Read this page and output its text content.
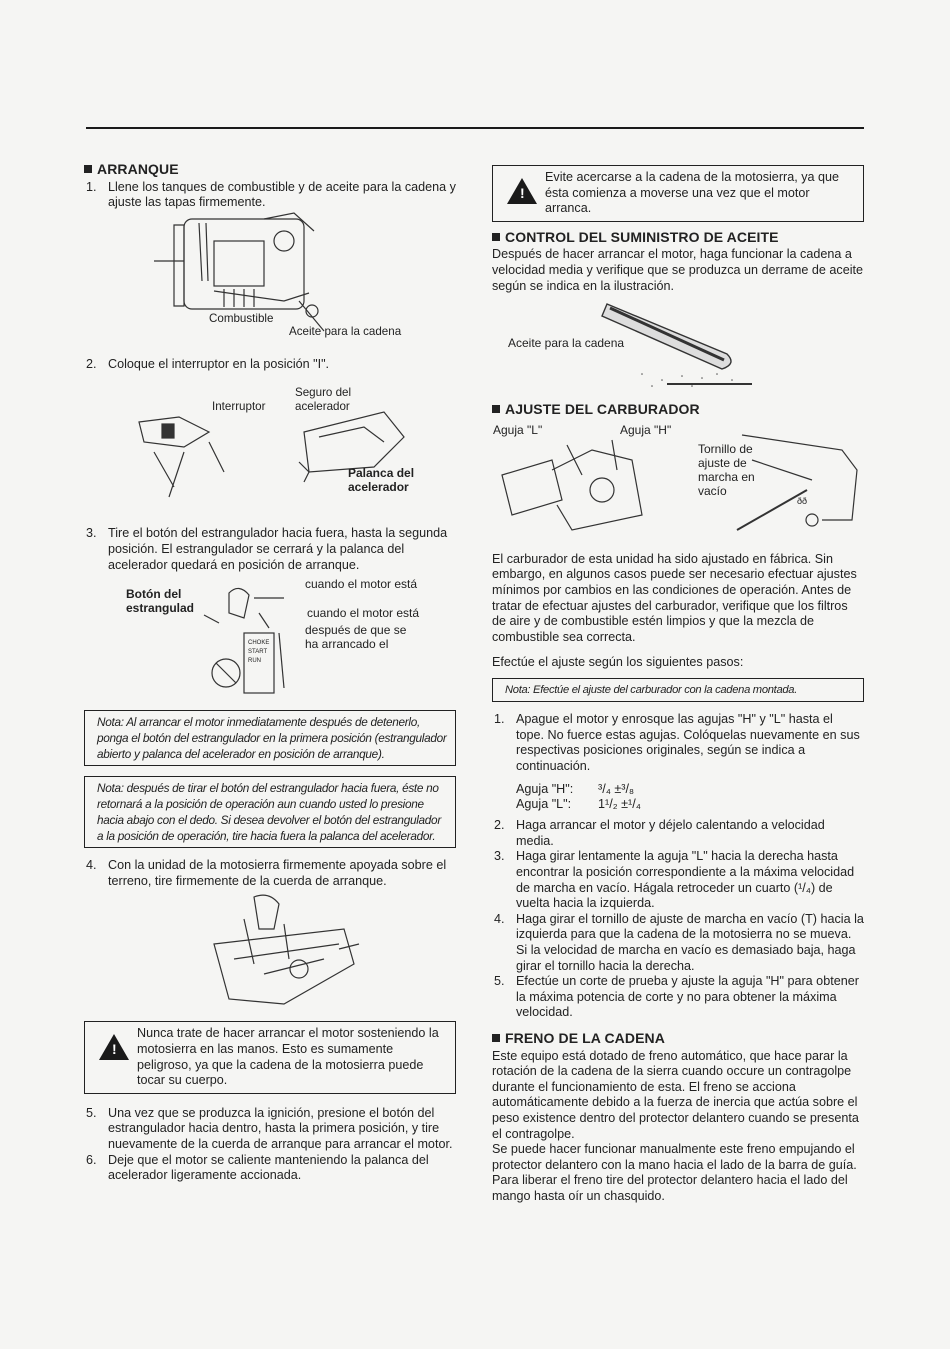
ARRANQUE
1. Llene los tanques de combustible y de aceite para la cadena y ajuste las tapas firmemente.
Combustible
Aceite para la cadena
2. Coloque el interruptor en la posición "I".
Interruptor
Seguro del
acelerador
Palanca del
acelerador
3. Tire el botón del estrangulador hacia fuera, hasta la segunda posición. El estrangulador se cerrará y la palanca del acelerador quedará en posición de arranque.
Botón del
estrangulad
cuando el motor está
cuando el motor está
después de que se
ha arrancado el
CHOKE
START
RUN
Nota: Al arrancar el motor inmediatamente después de detenerlo, ponga el botón del estrangulador en la primera posición (estrangulador abierto y palanca del acelerador en posición de arranque).
Nota: después de tirar el botón del estrangulador hacia fuera, éste no retornará a la posición de operación aun cuando usted lo presione hacia abajo con el dedo. Si desea devolver el botón del estrangulador a la posición de operación, tire hacia fuera la palanca del acelerador.
4. Con la unidad de la motosierra firmemente apoyada sobre el terreno, tire firmemente de la cuerda de arranque.
!
Nunca trate de hacer arrancar el motor sosteniendo la motosierra en las manos. Esto es sumamente peligroso, ya que la cadena de la motosierra puede tocar su cuerpo.
5. Una vez que se produzca la ignición, presione el botón del estrangulador hacia dentro, hasta la primera posición, y tire nuevamente de la cuerda de arranque para arrancar el motor.
6. Deje que el motor se caliente manteniendo la palanca del acelerador ligeramente accionada.
!
Evite acercarse a la cadena de la motosierra, ya que ésta comienza a moverse una vez que el motor arranca.
CONTROL DEL SUMINISTRO DE ACEITE

Después de hacer arrancar el motor, haga funcionar la cadena a velocidad media y verifique que se produzca un derrame de aceite según se indica en la ilustración.

Aceite para la cadena
AJUSTE DEL CARBURADOR
Aguja "L"	Aguja "H"
Tornillo de
ajuste de
marcha en
vacío
ðð

El carburador de esta unidad ha sido ajustado en fábrica. Sin embargo, en algunos casos puede ser necesario efectuar ajustes mínimos por cambios en las condiciones de operación. Antes de tratar de efectuar ajustes del carburador, verifique que los filtros de aire y de combustible estén limpios y que la mezcla de combustible sea correcta.

Efectúe el ajuste según los siguientes pasos:

Nota: Efectúe el ajuste del carburador con la cadena montada.
1. Apague el motor y enrosque las agujas "H" y "L" hasta el tope. No fuerce estas agujas. Colóquelas nuevamente en sus respectivas posiciones originales, según se indica a continuación.
Aguja "H": ³/₄ ±³/₈
Aguja "L": 1¹/₂ ±¹/₄
2. Haga arrancar el motor y déjelo calentando a velocidad media.
3. Haga girar lentamente la aguja "L" hacia la derecha hasta encontrar la posición correspondiente a la máxima velocidad de marcha en vacío. Hágala retroceder un cuarto (¹/₄) de vuelta hacia la izquierda.
4. Haga girar el tornillo de ajuste de marcha en vacío (T) hacia la izquierda para que la cadena de la motosierra no se mueva. Si la velocidad de marcha en vacío es demasiado baja, haga girar el tornillo hacia la derecha.
5. Efectúe un corte de prueba y ajuste la aguja "H" para obtener la máxima potencia de corte y no para obtener la máxima velocidad.
FRENO DE LA CADENA

Este equipo está dotado de freno automático, que hace parar la rotación de la cadena de la sierra cuando occure un contragolpe durante el funcionamiento de esta. El freno se acciona automáticamente debido a la fuerza de inercia que actúa sobre el peso existence dentro del protector delantero cuando se presenta el contragolpe.

Se puede hacer funcionar manualmente este freno empujando el protector delantero con la mano hacia el lado de la barra de guía.

Para liberar el freno tire del protector delantero hacia el lado del mango hasta oír un chasquido.
